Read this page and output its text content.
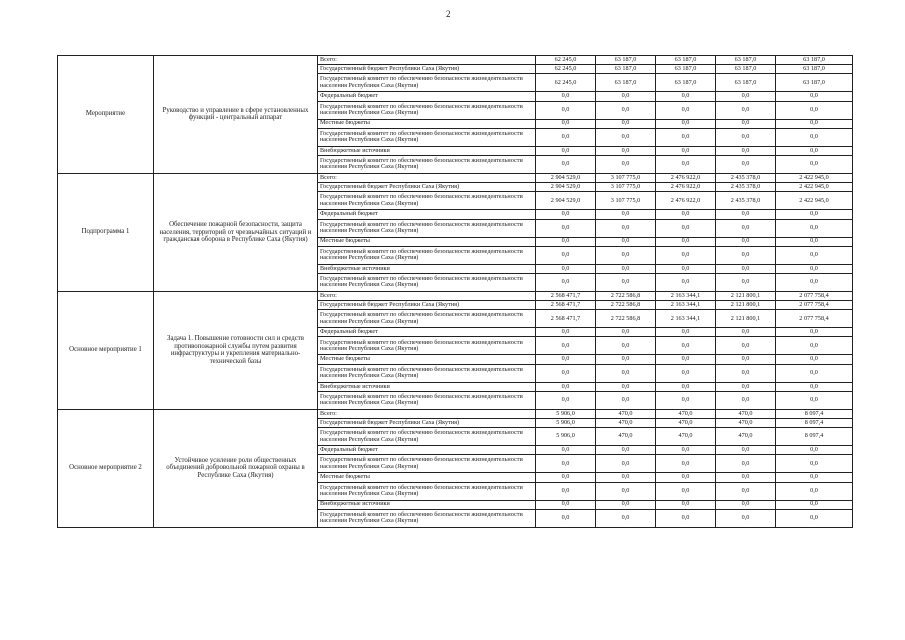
2
Мероприятие	Руководство и управление в сфере установленных функций - центральный аппарат	Всего:	62 245,0	63 187,0	63 187,0	63 187,0	63 187,0
		Государственный бюджет Республики Саха (Якутия)	62 245,0	63 187,0	63 187,0	63 187,0	63 187,0
		Государственный комитет по обеспечению безопасности жизнедеятельности населения Республики Саха (Якутия)	62 245,0	63 187,0	63 187,0	63 187,0	63 187,0
		Федеральный бюджет	0,0	0,0	0,0	0,0	0,0
		Государственный комитет по обеспечению безопасности жизнедеятельности населения Республики Саха (Якутия)	0,0	0,0	0,0	0,0	0,0
		Местные бюджеты	0,0	0,0	0,0	0,0	0,0
		Государственный комитет по обеспечению безопасности жизнедеятельности населения Республики Саха (Якутия)	0,0	0,0	0,0	0,0	0,0
		Внебюджетные источники	0,0	0,0	0,0	0,0	0,0
		Государственный комитет по обеспечению безопасности жизнедеятельности населения Республики Саха (Якутия)	0,0	0,0	0,0	0,0	0,0
Подпрограмма 1	Обеспечение пожарной безопасности, защита населения, территорий от чрезвычайных ситуаций и гражданская оборона в Республике Саха (Якутия)	Всего:	2 904 529,0	3 107 775,0	2 476 922,0	2 435 378,0	2 422 945,0
		Государственный бюджет Республики Саха (Якутия)	2 904 529,0	3 107 775,0	2 476 922,0	2 435 378,0	2 422 945,0
		Государственный комитет по обеспечению безопасности жизнедеятельности населения Республики Саха (Якутия)	2 904 529,0	3 107 775,0	2 476 922,0	2 435 378,0	2 422 945,0
		Федеральный бюджет	0,0	0,0	0,0	0,0	0,0
		Государственный комитет по обеспечению безопасности жизнедеятельности населения Республики Саха (Якутия)	0,0	0,0	0,0	0,0	0,0
		Местные бюджеты	0,0	0,0	0,0	0,0	0,0
		Государственный комитет по обеспечению безопасности жизнедеятельности населения Республики Саха (Якутия)	0,0	0,0	0,0	0,0	0,0
		Внебюджетные источники	0,0	0,0	0,0	0,0	0,0
		Государственный комитет по обеспечению безопасности жизнедеятельности населения Республики Саха (Якутия)	0,0	0,0	0,0	0,0	0,0
Основное мероприятие 1	Задача 1. Повышение готовности сил и средств противопожарной службы путем развития инфраструктуры и укрепления материально-технической базы	Всего:	2 568 471,7	2 722 586,8	2 163 344,1	2 121 800,1	2 077 758,4
		Государственный бюджет Республики Саха (Якутия)	2 568 471,7	2 722 586,8	2 163 344,1	2 121 800,1	2 077 758,4
		Государственный комитет по обеспечению безопасности жизнедеятельности населения Республики Саха (Якутия)	2 568 471,7	2 722 586,8	2 163 344,1	2 121 800,1	2 077 758,4
		Федеральный бюджет	0,0	0,0	0,0	0,0	0,0
		Государственный комитет по обеспечению безопасности жизнедеятельности населения Республики Саха (Якутия)	0,0	0,0	0,0	0,0	0,0
		Местные бюджеты	0,0	0,0	0,0	0,0	0,0
		Государственный комитет по обеспечению безопасности жизнедеятельности населения Республики Саха (Якутия)	0,0	0,0	0,0	0,0	0,0
		Внебюджетные источники	0,0	0,0	0,0	0,0	0,0
		Государственный комитет по обеспечению безопасности жизнедеятельности населения Республики Саха (Якутия)	0,0	0,0	0,0	0,0	0,0
Основное мероприятие 2	Устойчивое усиление роли общественных объединений добровольной пожарной охраны в Республике Саха (Якутия)	Всего:	5 906,0	470,0	470,0	470,0	8 097,4
		Государственный бюджет Республики Саха (Якутия)	5 906,0	470,0	470,0	470,0	8 097,4
		Государственный комитет по обеспечению безопасности жизнедеятельности населения Республики Саха (Якутия)	5 906,0	470,0	470,0	470,0	8 097,4
		Федеральный бюджет	0,0	0,0	0,0	0,0	0,0
		Государственный комитет по обеспечению безопасности жизнедеятельности населения Республики Саха (Якутия)	0,0	0,0	0,0	0,0	0,0
		Местные бюджеты	0,0	0,0	0,0	0,0	0,0
		Государственный комитет по обеспечению безопасности жизнедеятельности населения Республики Саха (Якутия)	0,0	0,0	0,0	0,0	0,0
		Внебюджетные источники	0,0	0,0	0,0	0,0	0,0
		Государственный комитет по обеспечению безопасности жизнедеятельности населения Республики Саха (Якутия)	0,0	0,0	0,0	0,0	0,0
